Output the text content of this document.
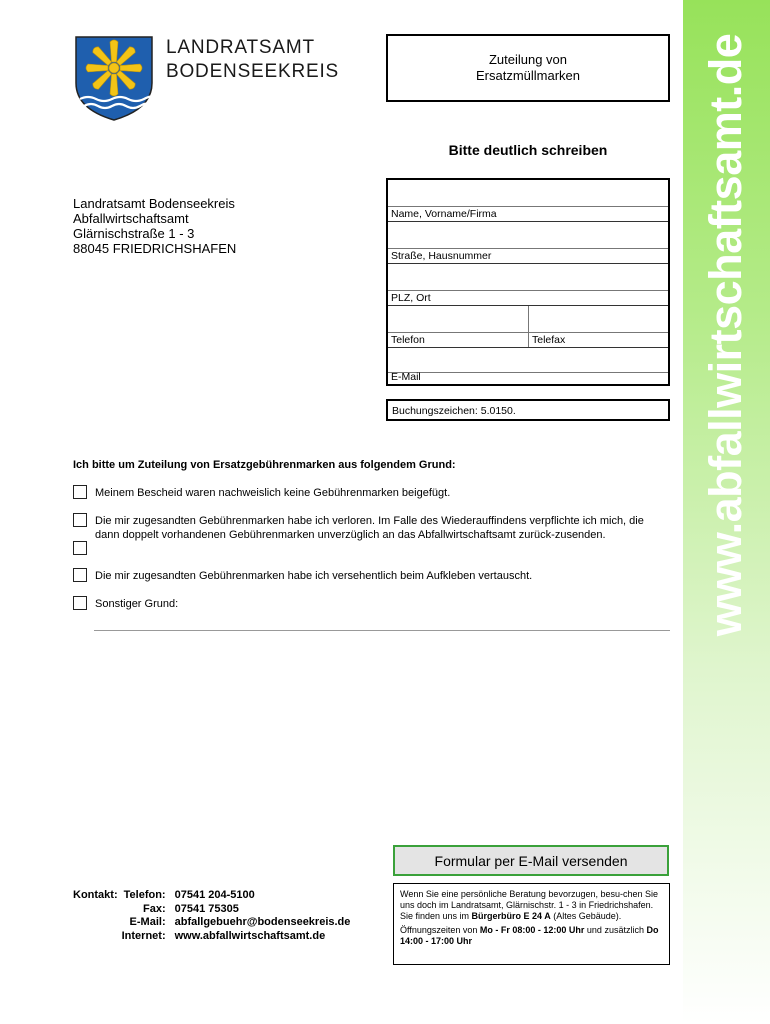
www.abfallwirtschaftsamt.de
LANDRATSAMT
BODENSEEKREIS
Zuteilung von
Ersatzmüllmarken
Bitte deutlich schreiben
Landratsamt Bodenseekreis
Abfallwirtschaftsamt
Glärnischstraße 1 - 3
88045 FRIEDRICHSHAFEN
Name, Vorname/Firma
Straße, Hausnummer
PLZ, Ort
Telefon	Telefax
E-Mail
Buchungszeichen: 5.0150.
Ich bitte um Zuteilung von Ersatzgebührenmarken aus folgendem Grund:
Meinem Bescheid waren nachweislich keine Gebührenmarken beigefügt.
Die mir zugesandten Gebührenmarken habe ich verloren. Im Falle des Wiederauffindens verpflichte ich mich, die dann doppelt vorhandenen Gebührenmarken unverzüglich an das Abfallwirtschaftsamt zurück-zusenden.
Die mir zugesandten Gebührenmarken habe ich versehentlich beim Aufkleben vertauscht.
Sonstiger Grund:
Formular per E-Mail versenden
Kontakt:	Telefon:	07541 204-5100
	Fax:	07541 75305
	E-Mail:	abfallgebuehr@bodenseekreis.de
	Internet:	www.abfallwirtschaftsamt.de

Wenn Sie eine persönliche Beratung bevorzugen, besu-chen Sie uns doch im Landratsamt, Glärnischstr. 1 - 3 in Friedrichshafen.

Sie finden uns im Bürgerbüro E 24 A (Altes Gebäude).

Öffnungszeiten von Mo - Fr 08:00 - 12:00 Uhr und zusätzlich Do 14:00 - 17:00 Uhr
